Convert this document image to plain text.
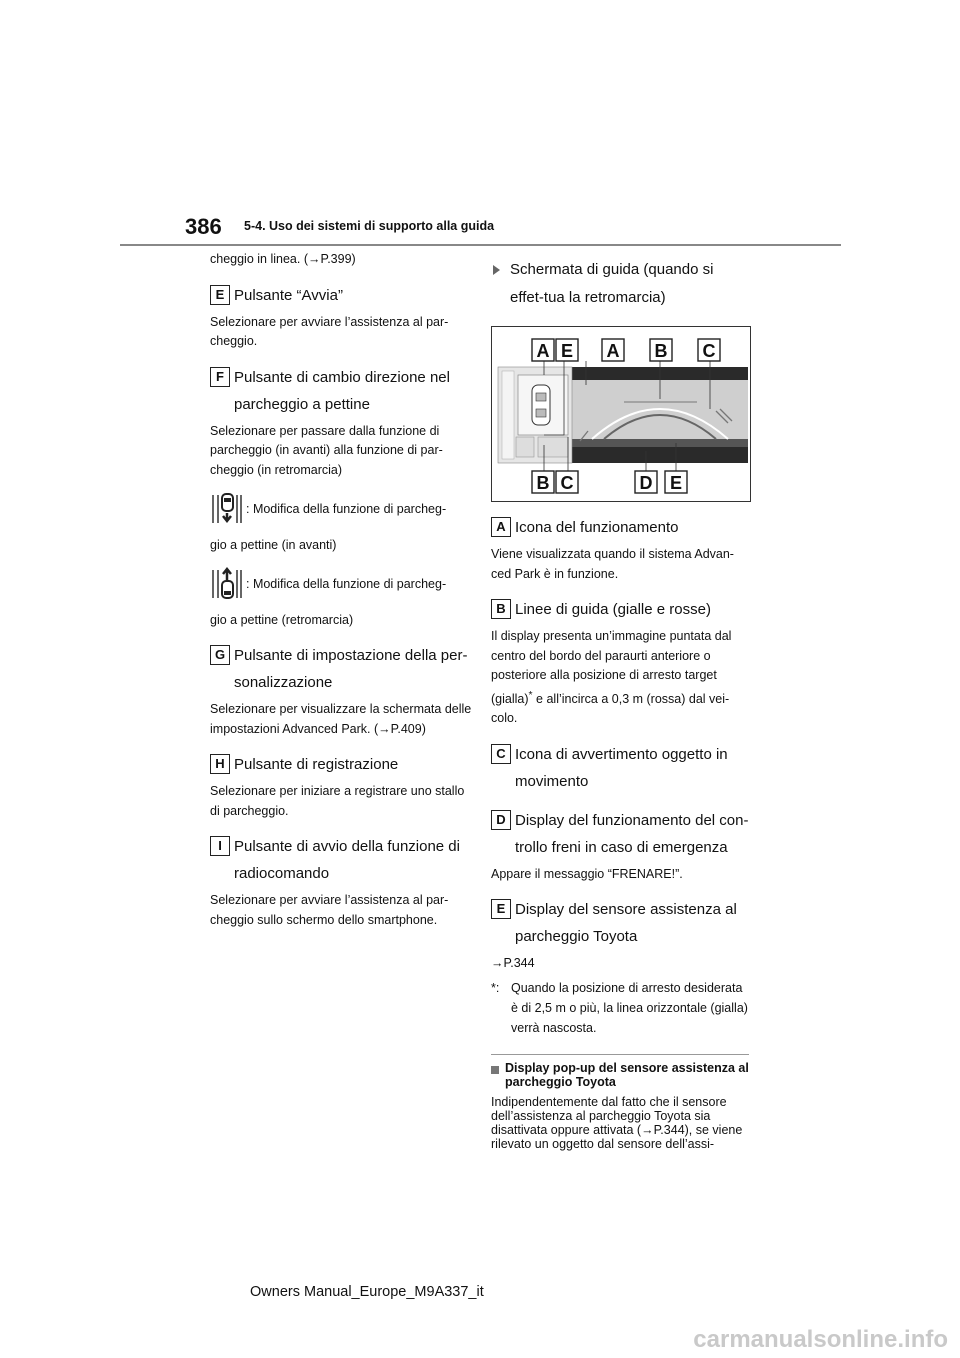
386 5-4. Uso dei sistemi di supporto alla guida

cheggio in linea. (→P.399)

E Pulsante “Avvia”

Selezionare per avviare l’assistenza al par-cheggio.

F Pulsante di cambio direzione nel parcheggio a pettine

Selezionare per passare dalla funzione di parcheggio (in avanti) alla funzione di par-cheggio (in retromarcia)

: Modifica della funzione di parcheg-
gio a pettine (in avanti)
: Modifica della funzione di parcheg-
gio a pettine (retromarcia)
G Pulsante di impostazione della per-sonalizzazione

Selezionare per visualizzare la schermata delle impostazioni Advanced Park. (→P.409)

H Pulsante di registrazione

Selezionare per iniziare a registrare uno stallo di parcheggio.

I Pulsante di avvio della funzione di radiocomando

Selezionare per avviare l’assistenza al par-cheggio sullo schermo dello smartphone.

Schermata di guida (quando si effet-tua la retromarcia)
A E A B C
B C	D E
A Icona del funzionamento

Viene visualizzata quando il sistema Advan-ced Park è in funzione.

B Linee di guida (gialle e rosse)

Il display presenta un’immagine puntata dal centro del bordo del paraurti anteriore o posteriore alla posizione di arresto target (gialla)* e all’incirca a 0,3 m (rossa) dal vei-colo.

C Icona di avvertimento oggetto in movimento
D Display del funzionamento del con-trollo freni in caso di emergenza

Appare il messaggio “FRENARE!”.

E Display del sensore assistenza al parcheggio Toyota

→P.344

*: Quando la posizione di arresto desiderata è di 2,5 m o più, la linea orizzontale (gialla) verrà nascosta.
Display pop-up del sensore assistenza al parcheggio Toyota

Indipendentemente dal fatto che il sensore dell’assistenza al parcheggio Toyota sia disattivata oppure attivata (→P.344), se viene rilevato un oggetto dal sensore dell’assi-

Owners Manual_Europe_M9A337_it
carmanualsonline.info
